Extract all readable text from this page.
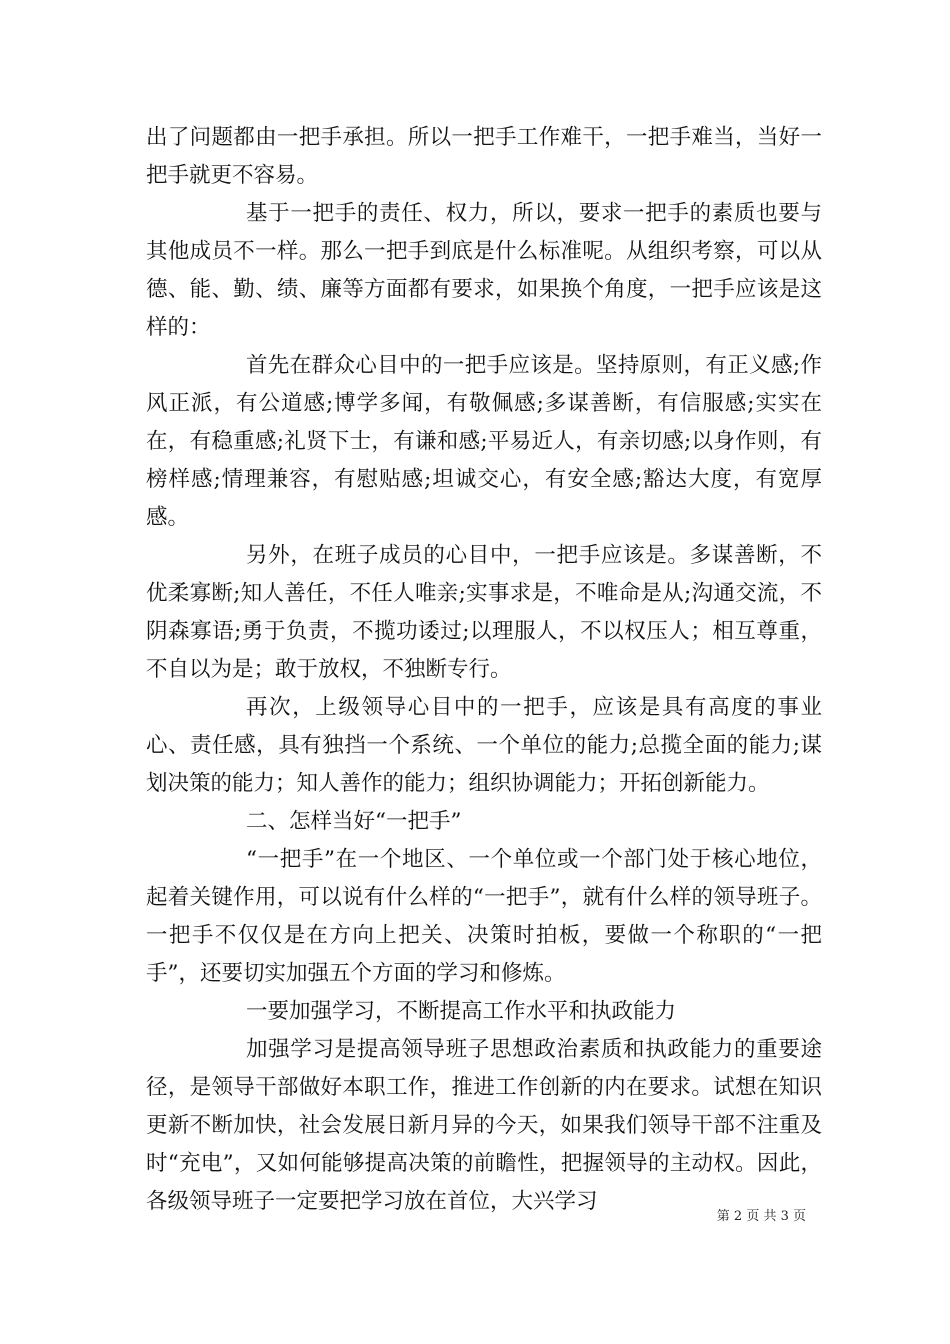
出了问题都由一把手承担。所以一把手工作难干，一把手难当，当好一把手就更不容易。

基于一把手的责任、权力，所以，要求一把手的素质也要与其他成员不一样。那么一把手到底是什么标准呢。从组织考察，可以从德、能、勤、绩、廉等方面都有要求，如果换个角度，一把手应该是这样的：

首先在群众心目中的一把手应该是。坚持原则，有正义感;作风正派，有公道感;博学多闻，有敬佩感;多谋善断，有信服感;实实在在，有稳重感;礼贤下士，有谦和感;平易近人，有亲切感;以身作则，有榜样感;情理兼容，有慰贴感;坦诚交心，有安全感;豁达大度，有宽厚感。

另外，在班子成员的心目中，一把手应该是。多谋善断，不优柔寡断;知人善任，不任人唯亲;实事求是，不唯命是从;沟通交流，不阴森寡语;勇于负责，不揽功诿过;以理服人，不以权压人；相互尊重，不自以为是；敢于放权，不独断专行。

再次，上级领导心目中的一把手，应该是具有高度的事业心、责任感，具有独挡一个系统、一个单位的能力;总揽全面的能力;谋划决策的能力；知人善作的能力；组织协调能力；开拓创新能力。

二、怎样当好“一把手”

“一把手”在一个地区、一个单位或一个部门处于核心地位，起着关键作用，可以说有什么样的“一把手”，就有什么样的领导班子。一把手不仅仅是在方向上把关、决策时拍板，要做一个称职的“一把手”，还要切实加强五个方面的学习和修炼。

一要加强学习，不断提高工作水平和执政能力

加强学习是提高领导班子思想政治素质和执政能力的重要途径，是领导干部做好本职工作，推进工作创新的内在要求。试想在知识更新不断加快，社会发展日新月异的今天，如果我们领导干部不注重及时“充电”，又如何能够提高决策的前瞻性，把握领导的主动权。因此，各级领导班子一定要把学习放在首位，大兴学习

第 2 页 共 3 页
